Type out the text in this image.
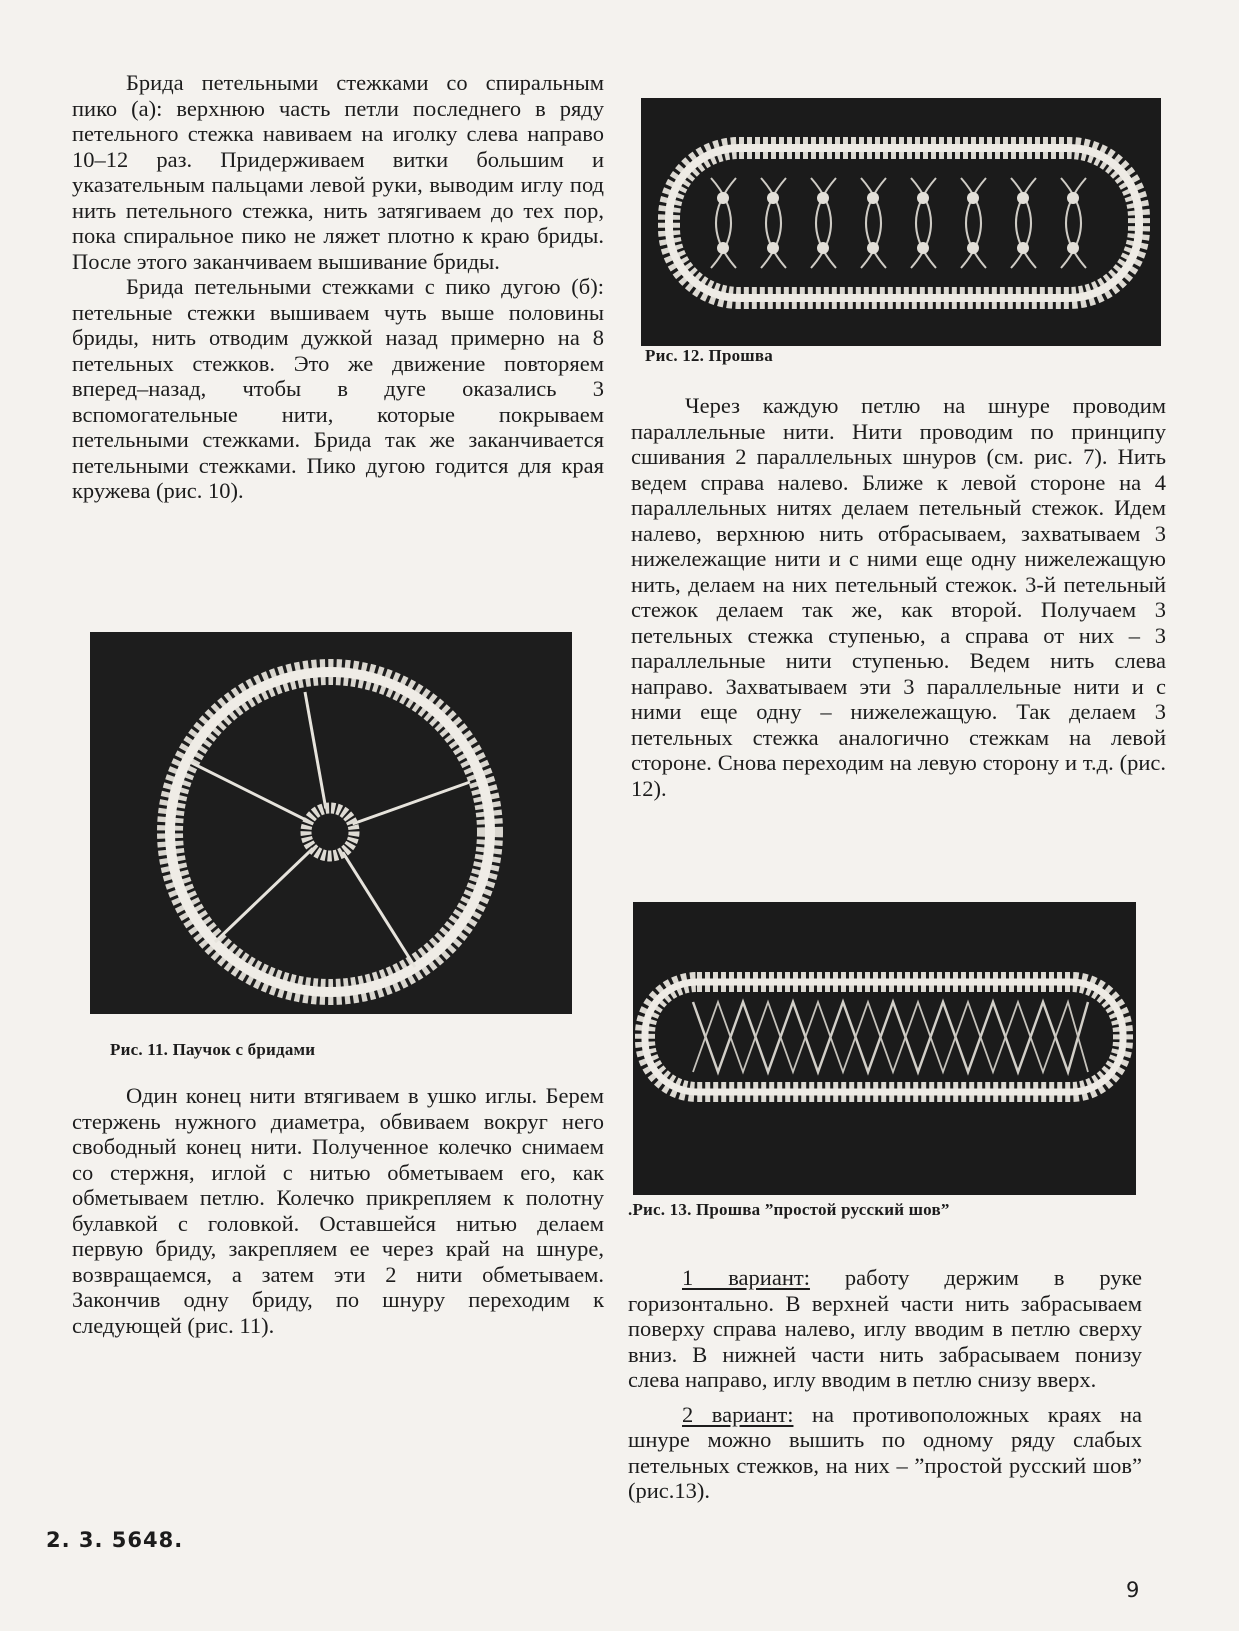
Брида петельными стежками со спиральным пико (а): верхнюю часть петли последнего в ряду петельного стежка навиваем на иголку слева направо 10–12 раз. Придерживаем витки большим и указательным пальцами левой руки, выводим иглу под нить петельного стежка, нить затягиваем до тех пор, пока спиральное пико не ляжет плотно к краю бриды. После этого заканчиваем вышивание бриды.

Брида петельными стежками с пико дугою (б): петельные стежки вышиваем чуть выше половины бриды, нить отводим дужкой назад примерно на 8 петельных стежков. Это же движение повторяем вперед–назад, чтобы в дуге оказались 3 вспомогательные нити, которые покрываем петельными стежками. Брида так же заканчивается петельными стежками. Пико дугою годится для края кружева (рис. 10).

Рис. 11. Паучок с бридами

Один конец нити втягиваем в ушко иглы. Берем стержень нужного диаметра, обвиваем вокруг него свободный конец нити. Полученное колечко снимаем со стержня, иглой с нитью обметываем его, как обметываем петлю. Колечко прикрепляем к полотну булавкой с головкой. Оставшейся нитью делаем первую бриду, закрепляем ее через край на шнуре, возвращаемся, а затем эти 2 нити обметываем. Закончив одну бриду, по шнуру переходим к следующей (рис. 11).

Рис. 12. Прошва

Через каждую петлю на шнуре проводим параллельные нити. Нити проводим по принципу сшивания 2 параллельных шнуров (см. рис. 7). Нить ведем справа налево. Ближе к левой стороне на 4 параллельных нитях делаем петельный стежок. Идем налево, верхнюю нить отбрасываем, захватываем 3 нижележащие нити и с ними еще одну нижележащую нить, делаем на них петельный стежок. 3-й петельный стежок делаем так же, как второй. Получаем 3 петельных стежка ступенью, а справа от них – 3 параллельные нити ступенью. Ведем нить слева направо. Захватываем эти 3 параллельные нити и с ними еще одну – нижележащую. Так делаем 3 петельных стежка аналогично стежкам на левой стороне. Снова переходим на левую сторону и т.д. (рис. 12).

.Рис. 13. Прошва ”простой русский шов”

1 вариант: работу держим в руке горизонтально. В верхней части нить забрасываем поверху справа налево, иглу вводим в петлю сверху вниз. В нижней части нить забрасываем понизу слева направо, иглу вводим в петлю снизу вверх.

2 вариант: на противоположных краях на шнуре можно вышить по одному ряду слабых петельных стежков, на них – ”простой русский шов” (рис.13).

2. 3. 5648.
9
